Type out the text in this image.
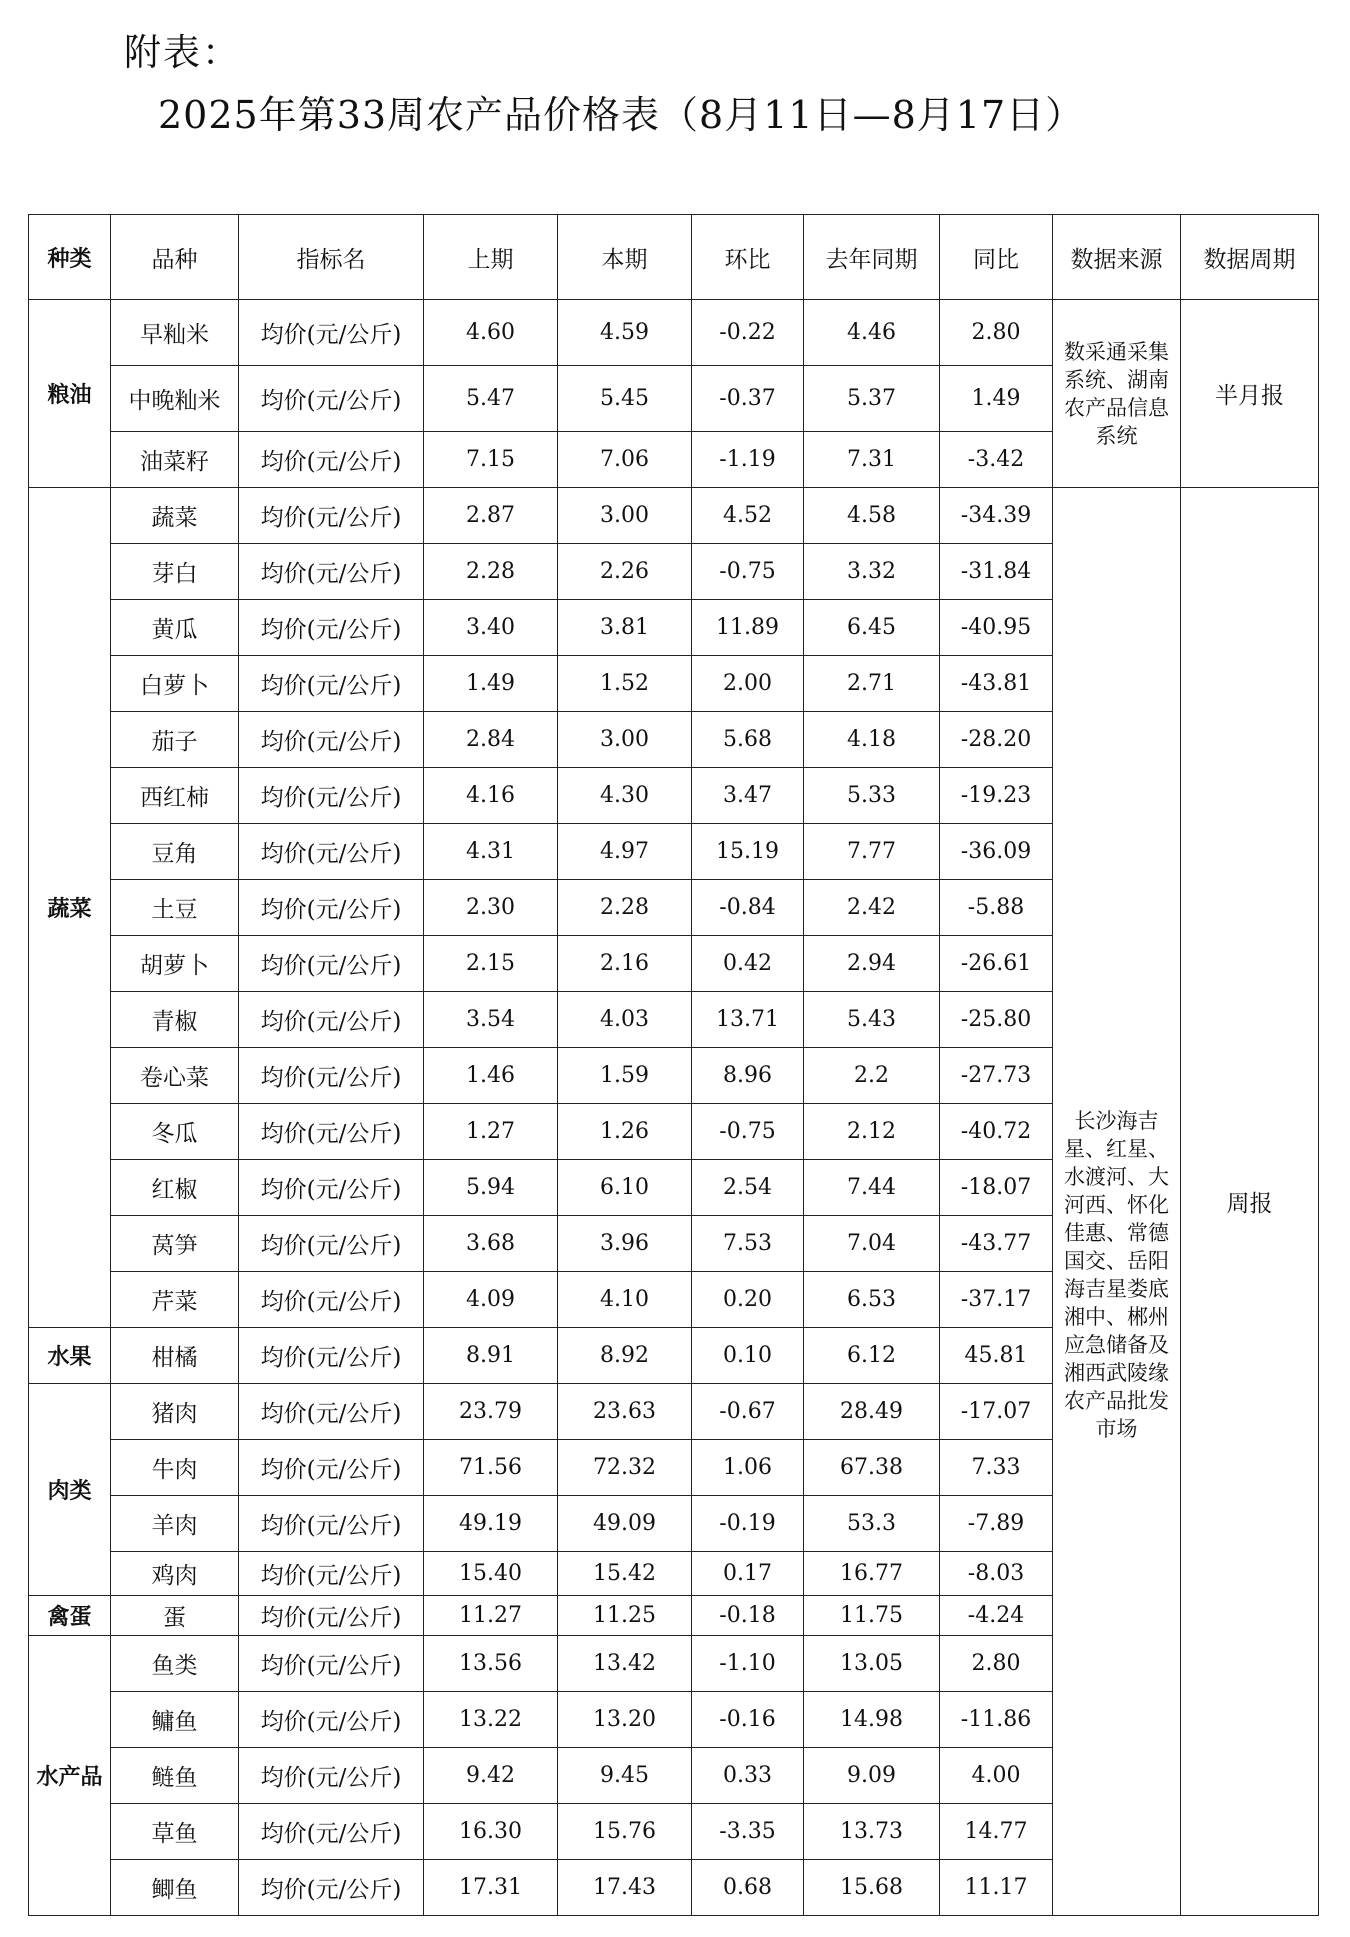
附表：
2025年第33周农产品价格表（8月11日—8月17日）
种类	品种	指标名	上期	本期	环比	去年同期	同比	数据来源	数据周期
粮油	早籼米	均价(元/公斤)	4.60	4.59	-0.22	4.46	2.80	数采通采集系统、湖南农产品信息系统	半月报
	中晚籼米	均价(元/公斤)	5.47	5.45	-0.37	5.37	1.49		
	油菜籽	均价(元/公斤)	7.15	7.06	-1.19	7.31	-3.42		
蔬菜	蔬菜	均价(元/公斤)	2.87	3.00	4.52	4.58	-34.39	长沙海吉星、红星、水渡河、大河西、怀化佳惠、常德国交、岳阳海吉星娄底湘中、郴州应急储备及湘西武陵缘农产品批发市场	周报
	芽白	均价(元/公斤)	2.28	2.26	-0.75	3.32	-31.84		
	黄瓜	均价(元/公斤)	3.40	3.81	11.89	6.45	-40.95		
	白萝卜	均价(元/公斤)	1.49	1.52	2.00	2.71	-43.81		
	茄子	均价(元/公斤)	2.84	3.00	5.68	4.18	-28.20		
	西红柿	均价(元/公斤)	4.16	4.30	3.47	5.33	-19.23		
	豆角	均价(元/公斤)	4.31	4.97	15.19	7.77	-36.09		
	土豆	均价(元/公斤)	2.30	2.28	-0.84	2.42	-5.88		
	胡萝卜	均价(元/公斤)	2.15	2.16	0.42	2.94	-26.61		
	青椒	均价(元/公斤)	3.54	4.03	13.71	5.43	-25.80		
	卷心菜	均价(元/公斤)	1.46	1.59	8.96	2.2	-27.73		
	冬瓜	均价(元/公斤)	1.27	1.26	-0.75	2.12	-40.72		
	红椒	均价(元/公斤)	5.94	6.10	2.54	7.44	-18.07		
	莴笋	均价(元/公斤)	3.68	3.96	7.53	7.04	-43.77		
	芹菜	均价(元/公斤)	4.09	4.10	0.20	6.53	-37.17		
水果	柑橘	均价(元/公斤)	8.91	8.92	0.10	6.12	45.81		
肉类	猪肉	均价(元/公斤)	23.79	23.63	-0.67	28.49	-17.07		
	牛肉	均价(元/公斤)	71.56	72.32	1.06	67.38	7.33		
	羊肉	均价(元/公斤)	49.19	49.09	-0.19	53.3	-7.89		
	鸡肉	均价(元/公斤)	15.40	15.42	0.17	16.77	-8.03		
禽蛋	蛋	均价(元/公斤)	11.27	11.25	-0.18	11.75	-4.24		
水产品	鱼类	均价(元/公斤)	13.56	13.42	-1.10	13.05	2.80		
	鳙鱼	均价(元/公斤)	13.22	13.20	-0.16	14.98	-11.86		
	鲢鱼	均价(元/公斤)	9.42	9.45	0.33	9.09	4.00		
	草鱼	均价(元/公斤)	16.30	15.76	-3.35	13.73	14.77		
	鲫鱼	均价(元/公斤)	17.31	17.43	0.68	15.68	11.17		
